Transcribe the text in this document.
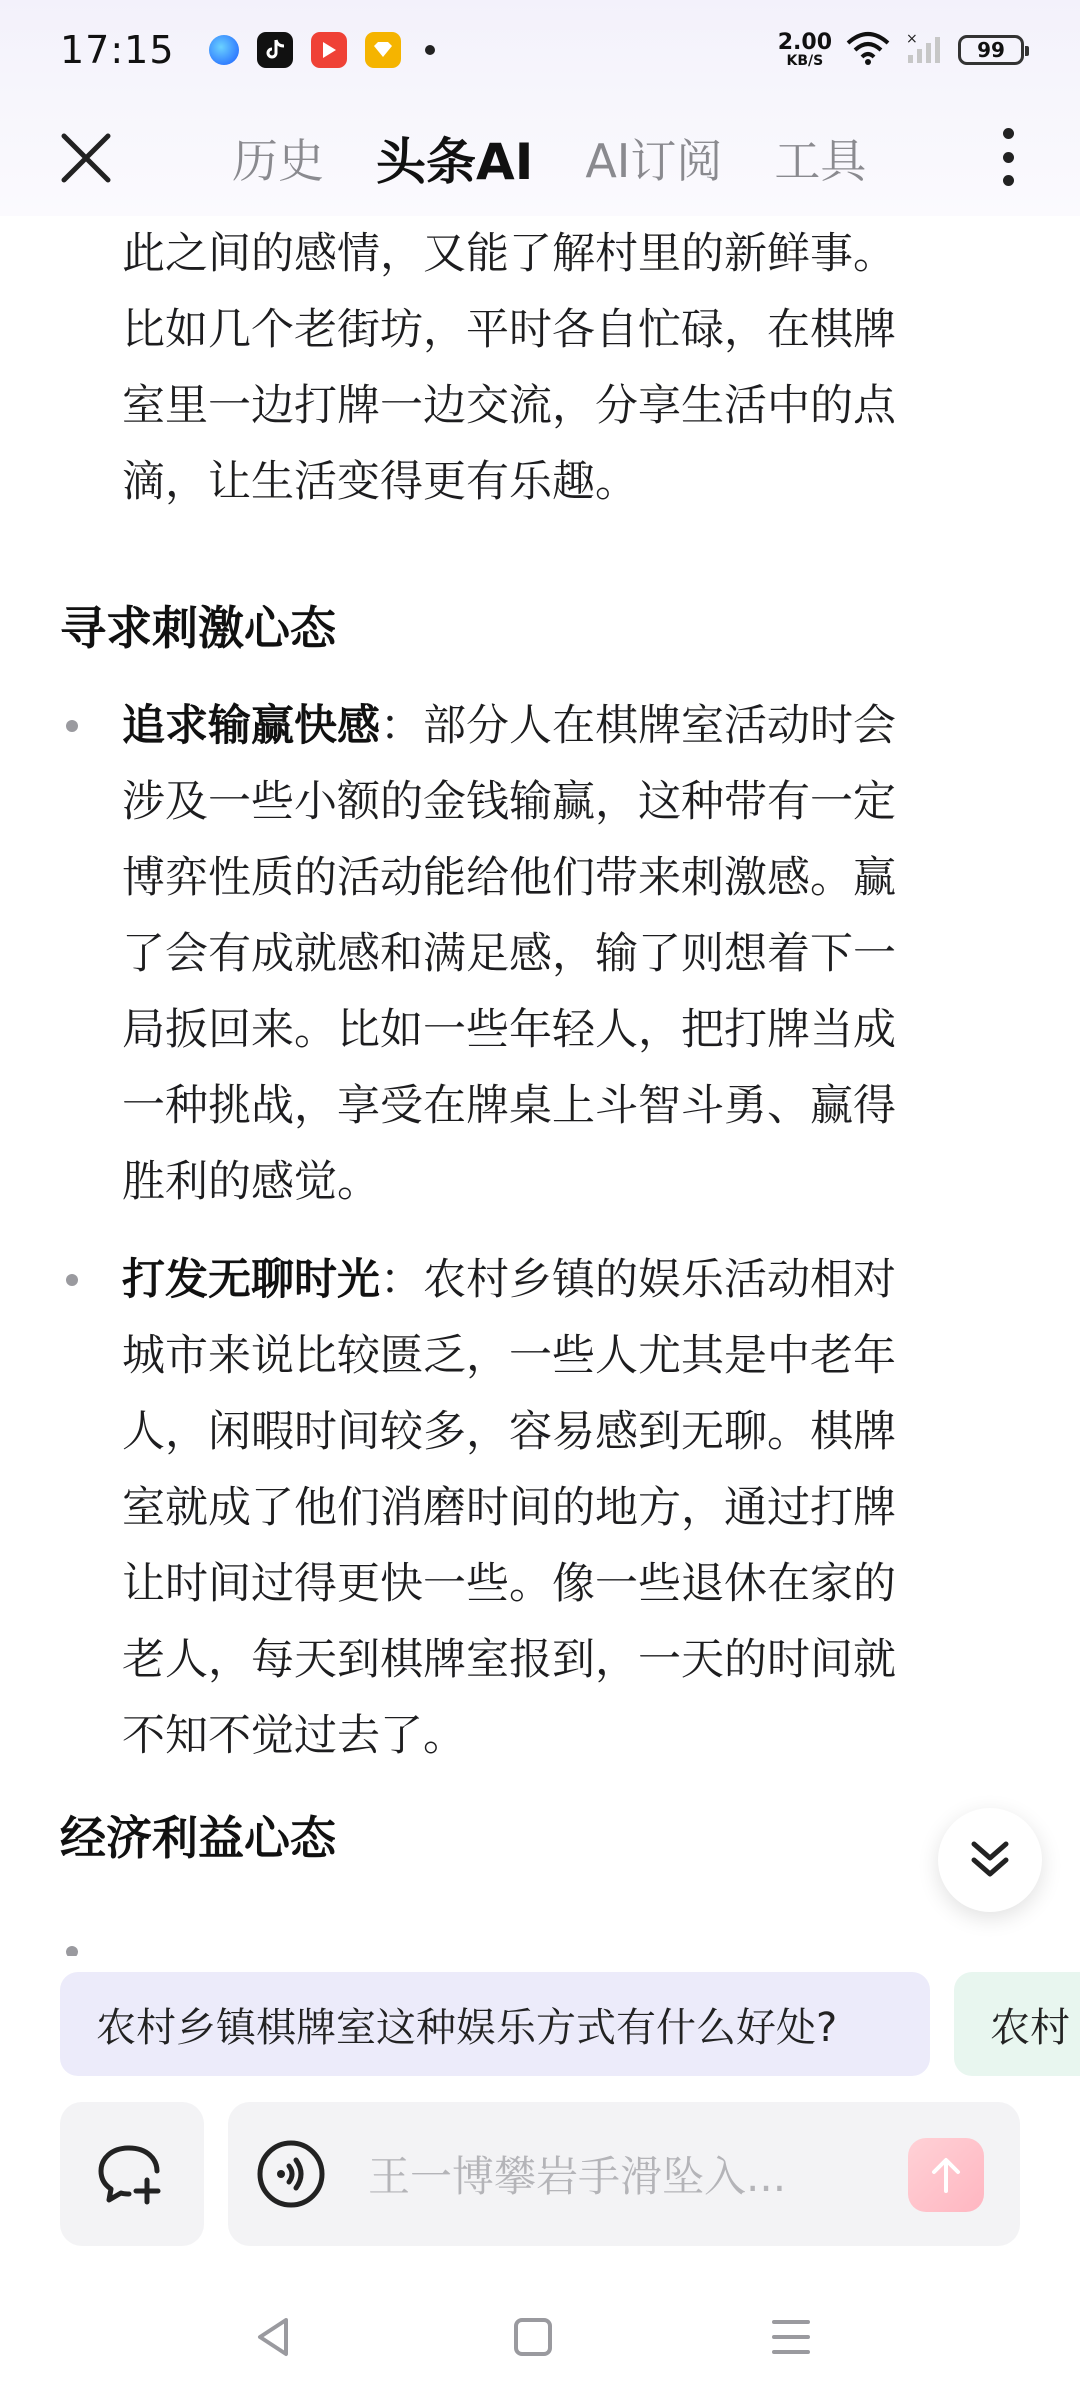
17:15	2.00
KB/S
×	99
历史 头条AI AI订阅 工具
此之间的感情，又能了解村里的新鲜事。
比如几个老街坊，平时各自忙碌，在棋牌
室里一边打牌一边交流，分享生活中的点
滴，让生活变得更有乐趣。
寻求刺激心态
追求输赢快感：部分人在棋牌室活动时会
涉及一些小额的金钱输赢，这种带有一定
博弈性质的活动能给他们带来刺激感。赢
了会有成就感和满足感，输了则想着下一
局扳回来。比如一些年轻人，把打牌当成
一种挑战，享受在牌桌上斗智斗勇、赢得
胜利的感觉。
打发无聊时光：农村乡镇的娱乐活动相对
城市来说比较匮乏，一些人尤其是中老年
人，闲暇时间较多，容易感到无聊。棋牌
室就成了他们消磨时间的地方，通过打牌
让时间过得更快一些。像一些退休在家的
老人，每天到棋牌室报到，一天的时间就
不知不觉过去了。
经济利益心态
农村乡镇棋牌室这种娱乐方式有什么好处?	农村
王一博攀岩手滑坠入...
